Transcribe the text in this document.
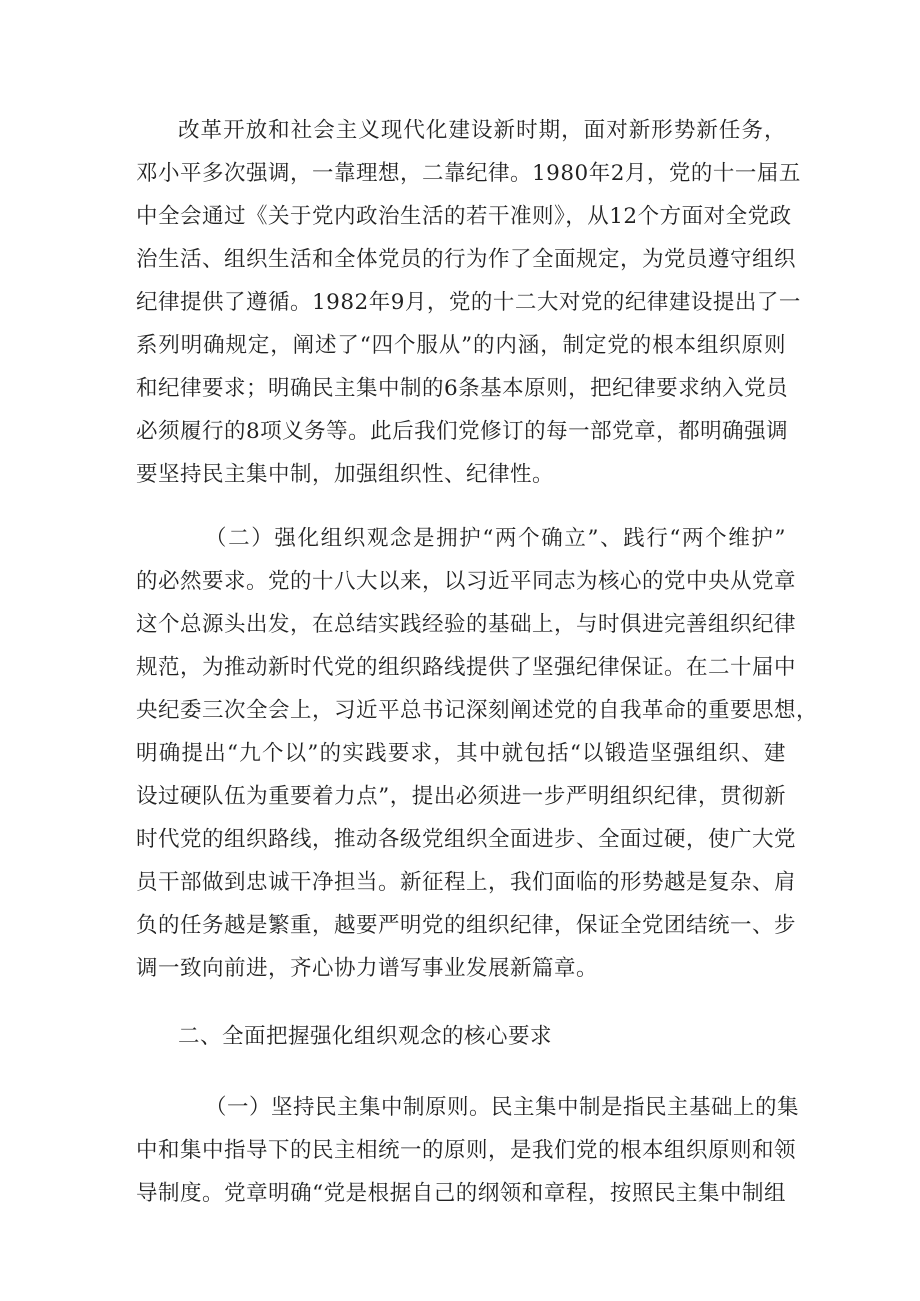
改革开放和社会主义现代化建设新时期，面对新形势新任务，

邓小平多次强调，一靠理想，二靠纪律。1980年2月，党的十一届五

中全会通过《关于党内政治生活的若干准则》，从12个方面对全党政

治生活、组织生活和全体党员的行为作了全面规定，为党员遵守组织

纪律提供了遵循。1982年9月，党的十二大对党的纪律建设提出了一

系列明确规定，阐述了“四个服从”的内涵，制定党的根本组织原则

和纪律要求；明确民主集中制的6条基本原则，把纪律要求纳入党员

必须履行的8项义务等。此后我们党修订的每一部党章，都明确强调

要坚持民主集中制，加强组织性、纪律性。

（二）强化组织观念是拥护“两个确立”、践行“两个维护”

的必然要求。党的十八大以来，以习近平同志为核心的党中央从党章

这个总源头出发，在总结实践经验的基础上，与时俱进完善组织纪律

规范，为推动新时代党的组织路线提供了坚强纪律保证。在二十届中

央纪委三次全会上，习近平总书记深刻阐述党的自我革命的重要思想，

明确提出“九个以”的实践要求，其中就包括“以锻造坚强组织、建

设过硬队伍为重要着力点”，提出必须进一步严明组织纪律，贯彻新

时代党的组织路线，推动各级党组织全面进步、全面过硬，使广大党

员干部做到忠诚干净担当。新征程上，我们面临的形势越是复杂、肩

负的任务越是繁重，越要严明党的组织纪律，保证全党团结统一、步

调一致向前进，齐心协力谱写事业发展新篇章。

二、全面把握强化组织观念的核心要求

（一）坚持民主集中制原则。民主集中制是指民主基础上的集

中和集中指导下的民主相统一的原则，是我们党的根本组织原则和领

导制度。党章明确“党是根据自己的纲领和章程，按照民主集中制组
